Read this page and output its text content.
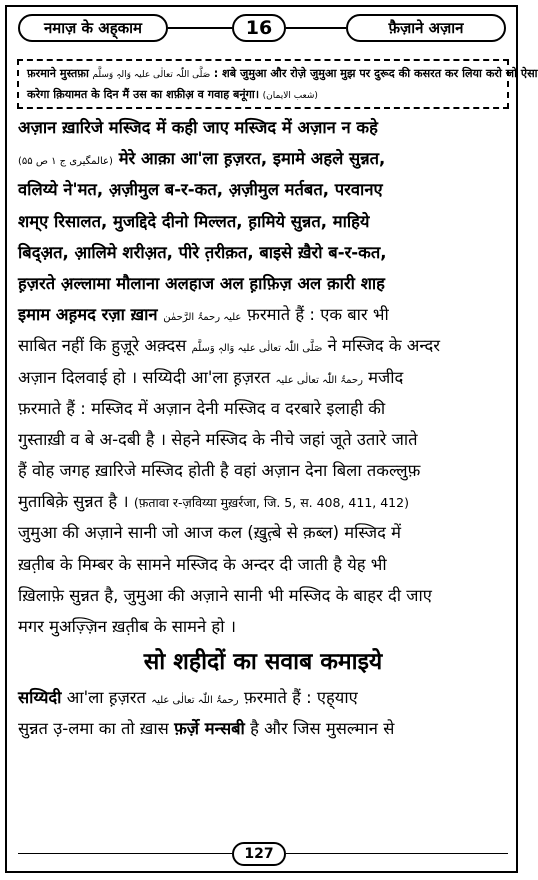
नमाज़ के अह्‌काम	16	फ़ैज़ाने अज़ान
फ़रमाने मुस्तफ़ा صَلَّی اللّٰہ تعالٰی علیہ وَالہٖ وَسلَّم : शबे जुमुआ और रोज़े जुमुआ मुझ पर दुरूद की कसरत कर लिया करो जो ऐसा
करेगा क़ियामत के दिन मैं उस का शफ़ीअ़ व गवाह बनूंगा। (شعب الایمان)
अज़ान ख़ारिजे मस्जिद में कही जाए मस्जिद में अज़ान न कहे
(عالمگیری ج ۱ ص ۵۵) मेरे आक़ा आ'ला ह़ज़रत, इमामे अहले सुन्नत,
वलिय्ये ने'मत, अ़ज़ीमुल ब-र-कत, अ़ज़ीमुल मर्तबत, परवानए
शम्‌ए रिसालत, मुजद्दिदे दीनो मिल्लत, ह़ामिये सुन्नत, माहिये
बिद्‌अ़त, आ़लिमे शरीअ़त, पीरे त़रीक़त, बाइसे ख़ैरो ब-र-कत,
ह़ज़रते अ़ल्लामा मौलाना अलहाज अल ह़ाफ़िज़ अल क़ारी शाह
इमाम अह़मद रज़ा ख़ान علیہ رحمۃُ الرَّحمٰن फ़रमाते हैं : एक बार भी
साबित नहीं कि हुज़ूरे अक़्दस صَلَّی اللّٰہ تعالٰی علیہ وَالہٖ وَسلَّم ने मस्जिद के अन्दर
अज़ान दिलवाई हो । सय्यिदी आ'ला ह़ज़रत رحمۃُ اللّٰہ تعالٰی علیہ मजीद
फ़रमाते हैं : मस्जिद में अज़ान देनी मस्जिद व दरबारे इलाही की
गुस्ताख़ी व बे अ-दबी है । सेहने मस्जिद के नीचे जहां जूते उतारे जाते
हैं वोह जगह ख़ारिजे मस्जिद होती है वहां अज़ान देना बिला तकल्लुफ़
मुताबिक़े सुन्नत है । (फ़तावा र-ज़विय्या मुख़र्रजा, जि. 5, स. 408, 411, 412)
जुमुआ की अज़ाने सानी जो आज कल (ख़ुत़्बे से क़ब्ल) मस्जिद में
ख़त़ीब के मिम्बर के सामने मस्जिद के अन्दर दी जाती है येह भी
ख़िलाफ़े सुन्नत है, जुमुआ की अज़ाने सानी भी मस्जिद के बाहर दी जाए
मगर मुअज़्ज़िन ख़त़ीब के सामने हो ।
सो शहीदों का सवाब कमाइये
सय्यिदी आ'ला ह़ज़रत رحمۃُ اللّٰہ تعالٰی علیہ फ़रमाते हैं : एह्‌याए
सुन्नत उ़-लमा का तो ख़ास फ़र्ज़े मन्सबी है और जिस मुसल्मान से
127
